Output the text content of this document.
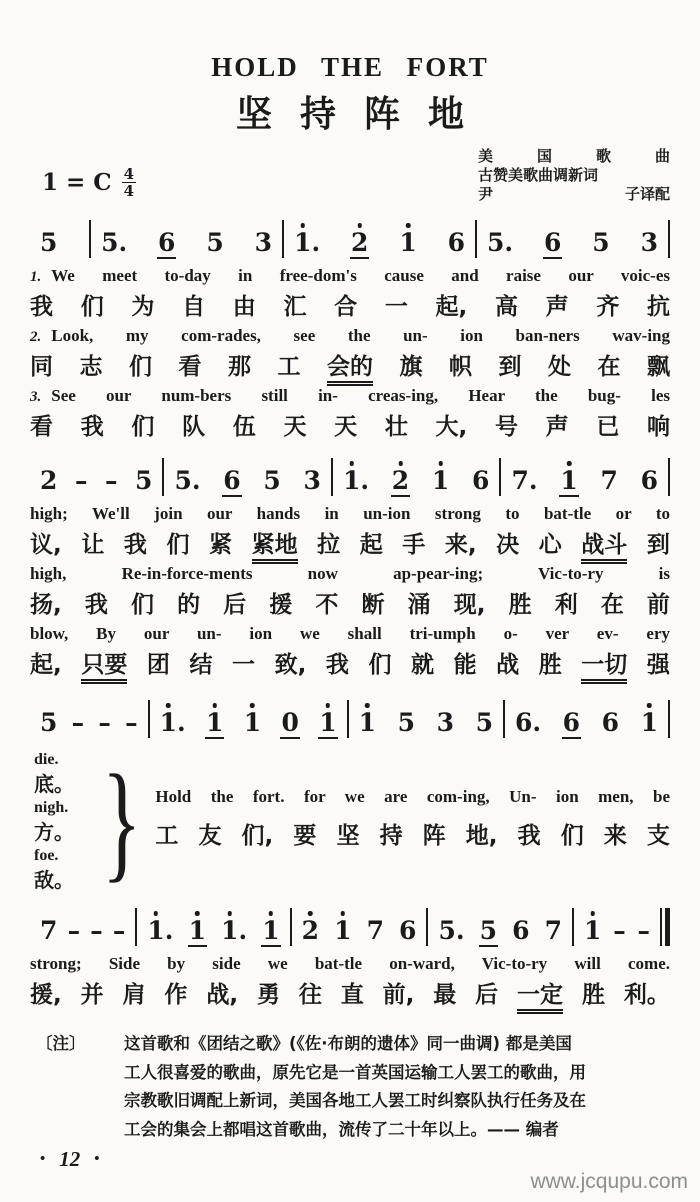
HOLD THE FORT
坚持阵地
1 = C $\frac{4}{4}$
美	国	歌	曲
古赞美歌曲调新词
尹	子译配
5 5. 6 5 3 1. 2 1 6 5. 6 5 3
1. We meet to-day in free-dom's cause and raise our voic-es
我 们 为 自 由 汇 合 一 起, 高 声 齐 抗
2. Look, my com-rades, see the un- ion ban-ners wav-ing
同 志 们 看 那 工 会的 旗 帜 到 处 在 飘
3. See our num-bers still in- creas-ing, Hear the bug- les
看 我 们 队 伍 天 天 壮 大, 号 声 已 响
2 – – 5 5. 6 5 3 1. 2 1 6 7. 1 7 6
high; We'll join our hands in un-ion strong to bat-tle or to
议, 让 我 们 紧 紧地 拉 起 手 来, 决 心 战斗 到
high, Re-in-force-ments now ap-pear-ing; Vic-to-ry is
扬, 我 们 的 后 援 不 断 涌 现, 胜 利 在 前
blow, By our un- ion we shall tri-umph o- ver ev- ery
起, 只要 团 结 一 致, 我 们 就 能 战 胜 一切 强
5 – – – 1. 1 1 0 1 1 5 3 5 6. 6 6 1
die.
底。
nigh.
方。
foe.
敌。 } Hold the fort. for we are com-ing, Un- ion men, be
工 友 们, 要 坚 持 阵 地, 我 们 来 支
7 – – – 1. 1 1. 1 2 1 7 6 5. 5 6 7 1 – –
strong; Side by side we bat-tle on-ward, Vic-to-ry will come.
援, 并 肩 作 战, 勇 往 直 前, 最 后 一定 胜 利。
〔注〕 这首歌和《团结之歌》(《佐·布朗的遗体》同一曲调) 都是美国
工人很喜爱的歌曲，原先它是一首英国运输工人罢工的歌曲，用
宗教歌旧调配上新词，美国各地工人罢工时纠察队执行任务及在
工会的集会上都唱这首歌曲，流传了二十年以上。—— 编者
• 12 •
www.jcqupu.com
